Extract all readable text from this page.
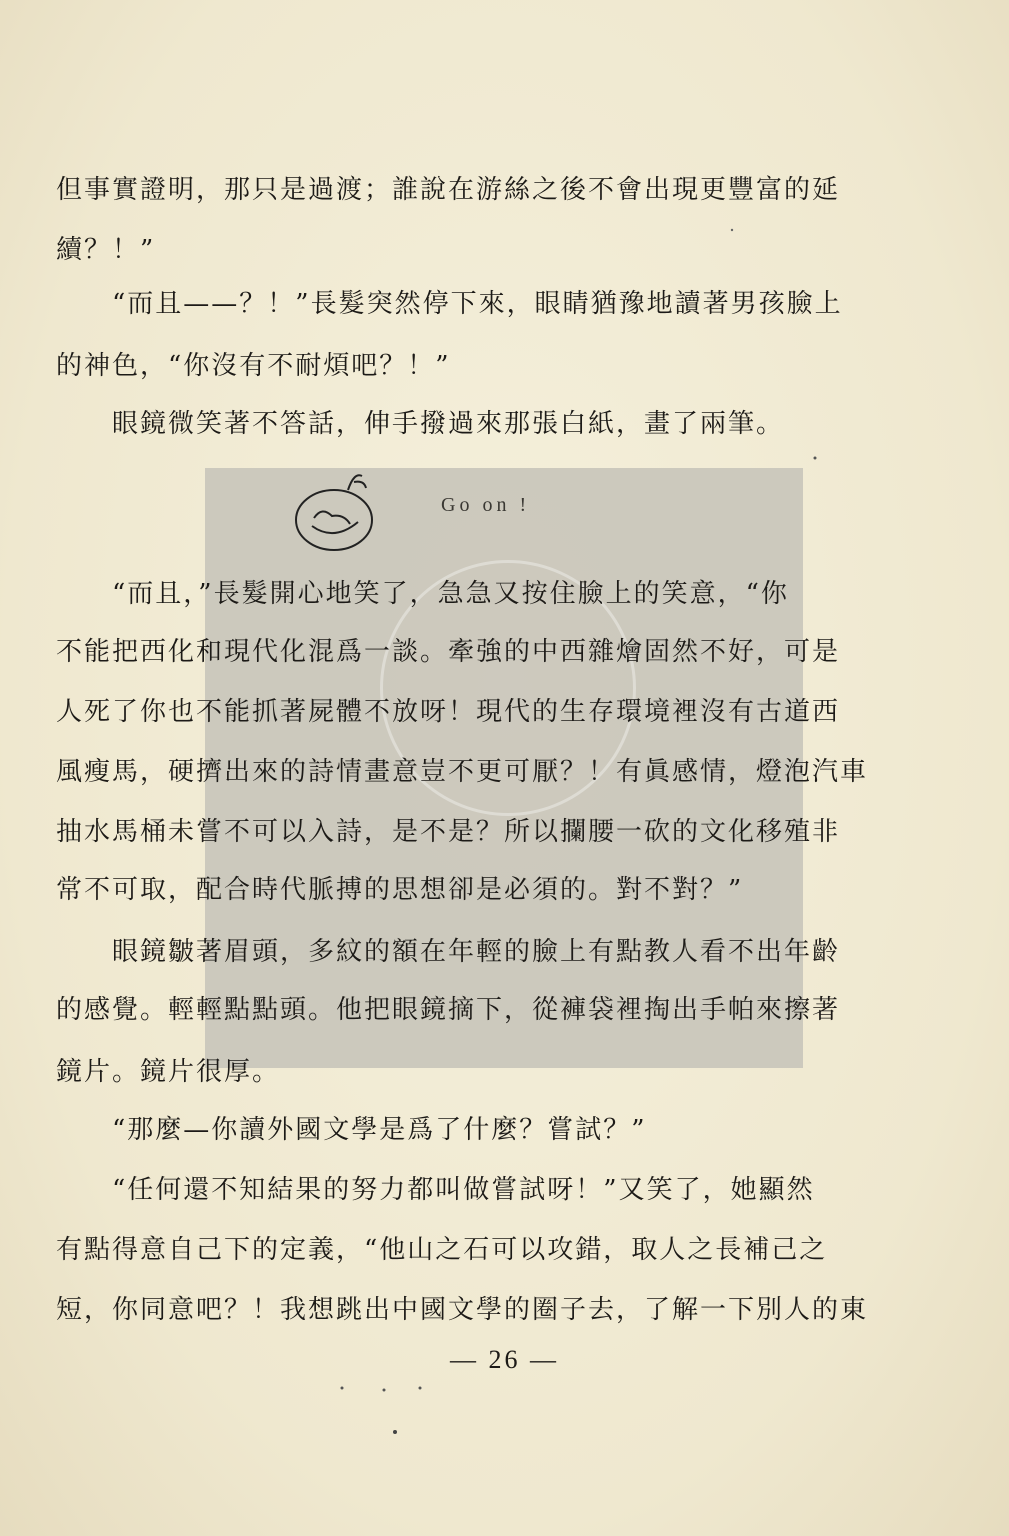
但事實證明，那只是過渡；誰說在游絲之後不會出現更豐富的延
續？！”
“而且——？！”長髮突然停下來，眼睛猶豫地讀著男孩臉上
的神色，“你沒有不耐煩吧？！”
眼鏡微笑著不答話，伸手撥過來那張白紙，畫了兩筆。
Go on !
“而且，”長髮開心地笑了，急急又按住臉上的笑意，“你
不能把西化和現代化混爲一談。牽強的中西雜燴固然不好，可是
人死了你也不能抓著屍體不放呀！現代的生存環境裡沒有古道西
風瘦馬，硬擠出來的詩情畫意豈不更可厭？！有眞感情，燈泡汽車
抽水馬桶未嘗不可以入詩，是不是？所以攔腰一砍的文化移殖非
常不可取，配合時代脈搏的思想卻是必須的。對不對？”
眼鏡皺著眉頭，多紋的額在年輕的臉上有點教人看不出年齡
的感覺。輕輕點點頭。他把眼鏡摘下，從褲袋裡掏出手帕來擦著
鏡片。鏡片很厚。
“那麼—你讀外國文學是爲了什麼？嘗試？”
“任何還不知結果的努力都叫做嘗試呀！”又笑了，她顯然
有點得意自己下的定義，“他山之石可以攻錯，取人之長補己之
短，你同意吧？！我想跳出中國文學的圈子去，了解一下別人的東
— 26 —
